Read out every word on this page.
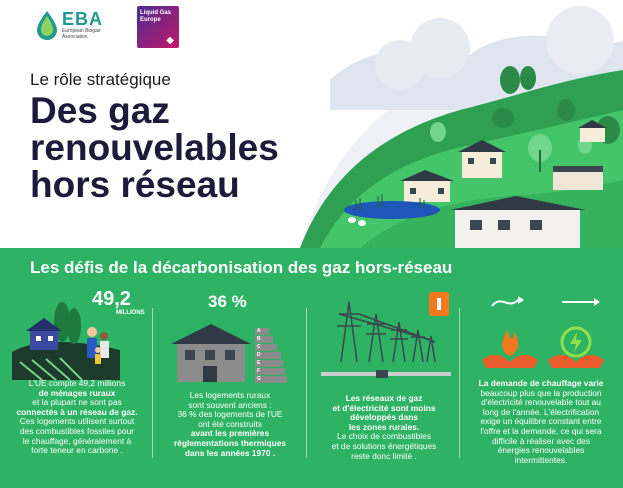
EBA
European Biogas
Association
Liquid Gas
Europe
◆
Le rôle stratégique
Des gaz
renouvelables
hors réseau
Les défis de la décarbonisation des gaz hors-réseau
49,2
MILLIONS
L'UE compte 49,2 millions
de ménages ruraux
et la plupart ne sont pas
connectés à un réseau de gaz.
Ces logements utilisent surtout
des combustibles fossiles pour
le chauffage, généralement à
forte teneur en carbone .
36 %
A
B
C
D
E
F
G
Les logements ruraux
sont souvent anciens :
36 % des logements de l'UE
ont été construits
avant les premières
réglementations thermiques
dans les années 1970 .
Les réseaux de gaz
et d'électricité sont moins
développés dans
les zones rurales.
Le choix de combustibles
et de solutions énergétiques
reste donc limité .
La demande de chauffage varie
beaucoup plus que la production
d'électricité renouvelable tout au
long de l'année. L'électrification
exige un équilibre constant entre
l'offre et la demande, ce qui sera
difficile à réaliser avec des
énergies renouvelables
intermittentes.
